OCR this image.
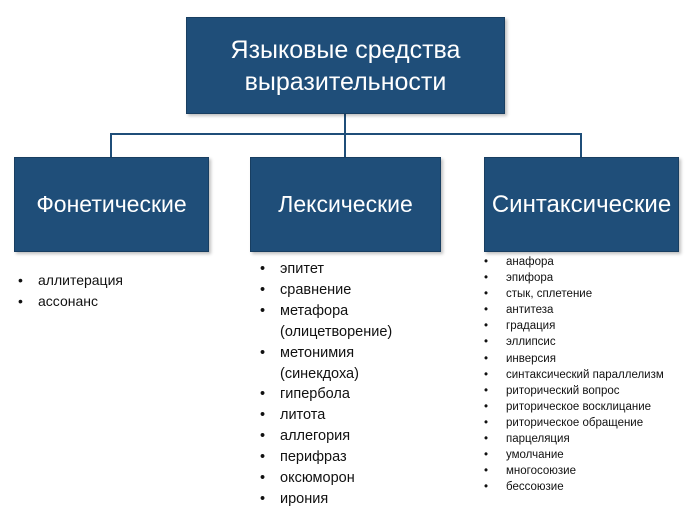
Языковые средства
выразительности
Фонетические	Лексические	Синтаксические
• аллитерация
• ассонанс
• эпитет
• сравнение
• метафора
(олицетворение)
• метонимия
(синекдоха)
• гипербола
• литота
• аллегория
• перифраз
• оксюморон
• ирония
• анафора
• эпифора
• стык, сплетение
• антитеза
• градация
• эллипсис
• инверсия
• синтаксический параллелизм
• риторический вопрос
• риторическое восклицание
• риторическое обращение
• парцеляция
• умолчание
• многосоюзие
• бессоюзие
